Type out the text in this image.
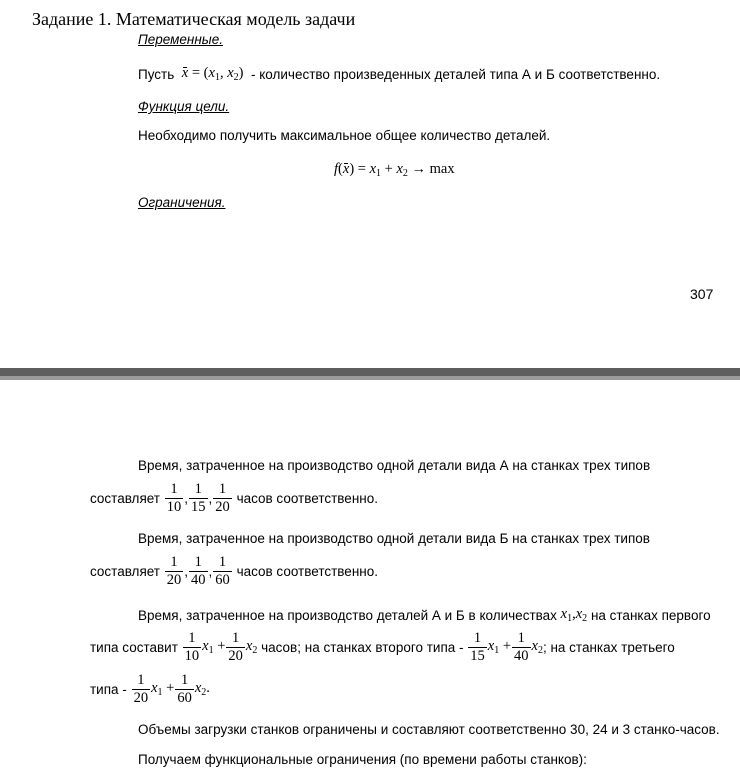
Задание 1. Математическая модель задачи
Переменные.
Пусть
$x = (x_1$, $x_2$)
- количество произведенных деталей типа А и Б соответственно.
Функция цели.
Необходимо получить максимальное общее количество деталей.
$f(x) = x_1 + x_2 \to \max$
Ограничения.
307
Время, затраченное на производство одной детали вида А на станках трех типов
составляет
$\frac{1}{10}$ , $\frac{1}{15}$ , $\frac{1}{20}$
часов соответственно.
Время, затраченное на производство одной детали вида Б на станках трех типов
составляет
$\frac{1}{20}$ , $\frac{1}{40}$ , $\frac{1}{60}$
часов соответственно.
Время, затраченное на производство деталей А и Б в количествах
$x_1,x_2$
на станках первого
типа составит
$\frac{1}{10} x_1 + \frac{1}{20} x_2$
часов; на станках второго типа -
$\frac{1}{15} x_1 + \frac{1}{40} x_2$ ; на станках третьего
типа -
$\frac{1}{20} x_1 + \frac{1}{60} x_2$.
Объемы загрузки станков ограничены и составляют соответственно 30, 24 и 3 станко-часов.
Получаем функциональные ограничения (по времени работы станков):
